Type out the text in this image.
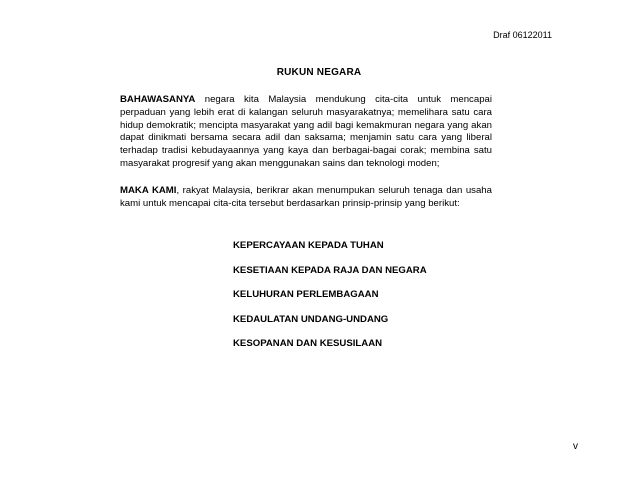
Draf 06122011
RUKUN NEGARA

BAHAWASANYA negara kita Malaysia mendukung cita-cita untuk mencapai perpaduan yang lebih erat di kalangan seluruh masyarakatnya; memelihara satu cara hidup demokratik; mencipta masyarakat yang adil bagi kemakmuran negara yang akan dapat dinikmati bersama secara adil dan saksama; menjamin satu cara yang liberal terhadap tradisi kebudayaannya yang kaya dan berbagai-bagai corak; membina satu masyarakat progresif yang akan menggunakan sains dan teknologi moden;

MAKA KAMI, rakyat Malaysia, berikrar akan menumpukan seluruh tenaga dan usaha kami untuk mencapai cita-cita tersebut berdasarkan prinsip-prinsip yang berikut:

KEPERCAYAAN KEPADA TUHAN
KESETIAAN KEPADA RAJA DAN NEGARA
KELUHURAN PERLEMBAGAAN
KEDAULATAN UNDANG-UNDANG
KESOPANAN DAN KESUSILAAN
v
